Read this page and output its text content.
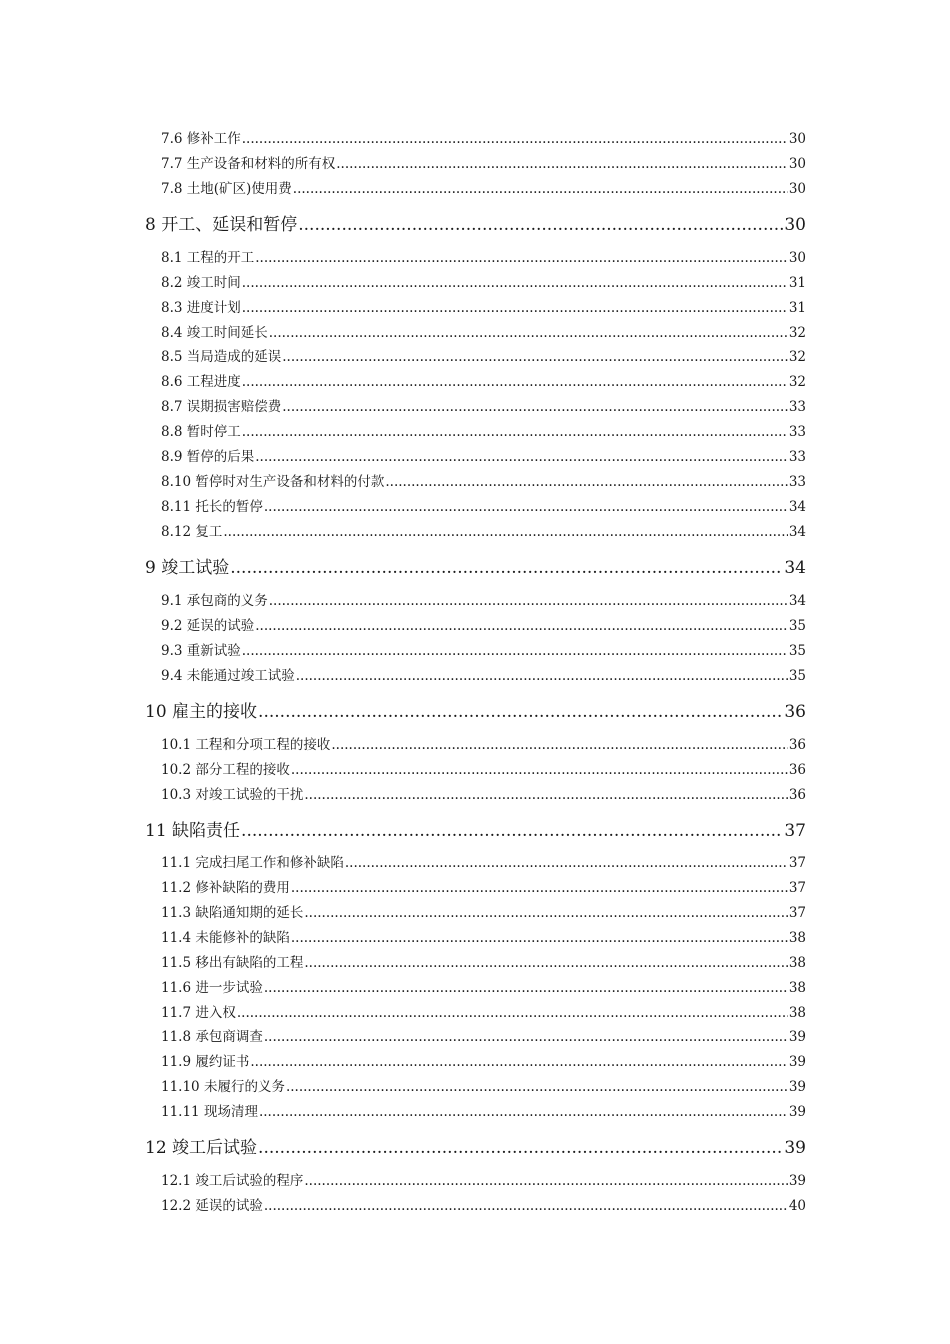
7.6 修补工作 .....	30
7.7 生产设备和材料的所有权 .....	30
7.8 土地(矿区)使用费 .....	30
8 开工、延误和暂停 .....	30
8.1 工程的开工 .....	30
8.2 竣工时间 .....	31
8.3 进度计划 .....	31
8.4 竣工时间延长 .....	32
8.5 当局造成的延误 .....	32
8.6 工程进度 .....	32
8.7 误期损害赔偿费 .....	33
8.8 暂时停工 .....	33
8.9 暂停的后果 .....	33
8.10 暂停时对生产设备和材料的付款 .....	33
8.11 托长的暂停 .....	34
8.12 复工 .....	34
9 竣工试验 .....	34
9.1 承包商的义务 .....	34
9.2 延误的试验 .....	35
9.3 重新试验 .....	35
9.4 未能通过竣工试验 .....	35
10 雇主的接收 .....	36
10.1 工程和分项工程的接收 .....	36
10.2 部分工程的接收 .....	36
10.3 对竣工试验的干扰 .....	36
11 缺陷责任 .....	37
11.1 完成扫尾工作和修补缺陷 .....	37
11.2 修补缺陷的费用 .....	37
11.3 缺陷通知期的延长 .....	37
11.4 未能修补的缺陷 .....	38
11.5 移出有缺陷的工程 .....	38
11.6 进一步试验 .....	38
11.7 进入权 .....	38
11.8 承包商调查 .....	39
11.9 履约证书 .....	39
11.10 未履行的义务 .....	39
11.11 现场清理 .....	39
12 竣工后试验 .....	39
12.1 竣工后试验的程序 .....	39
12.2 延误的试验 .....	40
